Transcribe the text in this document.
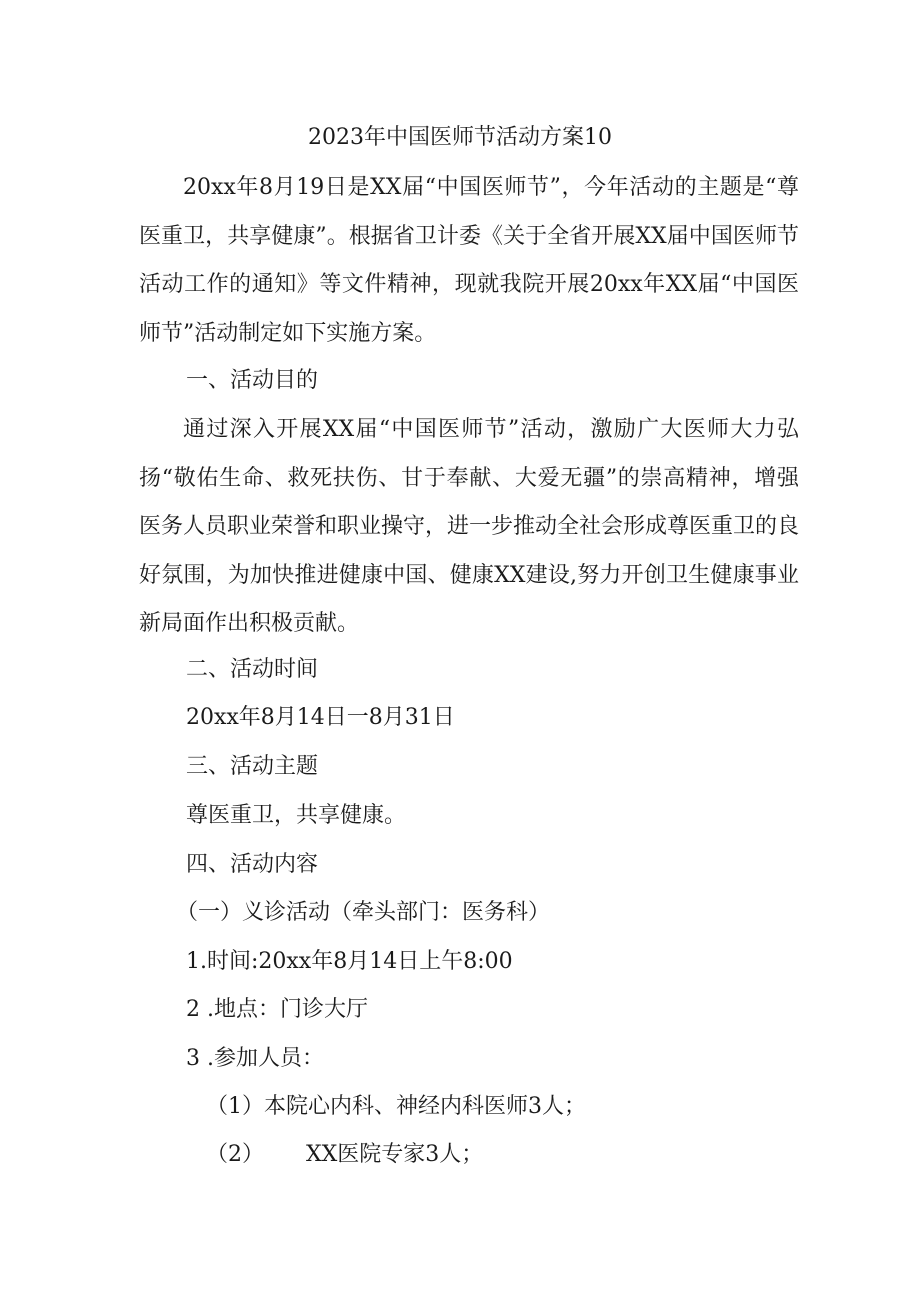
2023年中国医师节活动方案10
20xx年8月19日是XX届“中国医师节”，今年活动的主题是“尊医重卫，共享健康”。根据省卫计委《关于全省开展XX届中国医师节活动工作的通知》等文件精神，现就我院开展20xx年XX届“中国医师节”活动制定如下实施方案。
一、活动目的
通过深入开展XX届“中国医师节”活动，激励广大医师大力弘扬“敬佑生命、救死扶伤、甘于奉献、大爱无疆”的崇高精神，增强医务人员职业荣誉和职业操守，进一步推动全社会形成尊医重卫的良好氛围，为加快推进健康中国、健康XX建设,努力开创卫生健康事业新局面作出积极贡献。
二、活动时间
20xx年8月14日一8月31日
三、活动主题
尊医重卫，共享健康。
四、活动内容
（一）义诊活动（牵头部门：医务科）
1.时间:20xx年8月14日上午8:00
2 .地点：门诊大厅
3 .参加人员：
（1）本院心内科、神经内科医师3人；
（2）      XX医院专家3人；
